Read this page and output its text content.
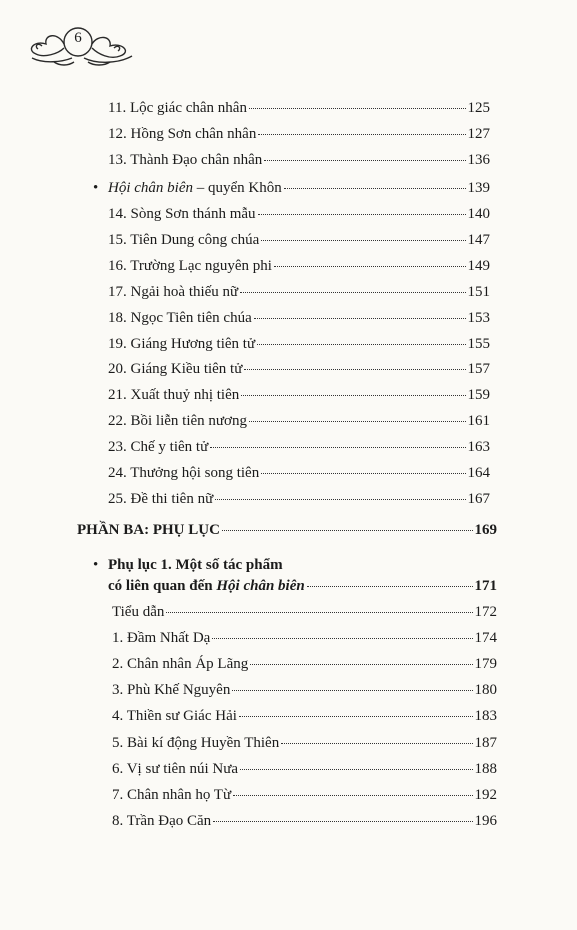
6
11. Lộc giác chân nhân	125
12. Hồng Sơn chân nhân	127
13. Thành Đạo chân nhân	136
• Hội chân biên – quyển Khôn	139
14. Sòng Sơn thánh mẫu	140
15. Tiên Dung công chúa	147
16. Trường Lạc nguyên phi	149
17. Ngải hoà thiếu nữ	151
18. Ngọc Tiên tiên chúa	153
19. Giáng Hương tiên tử	155
20. Giáng Kiều tiên tử	157
21. Xuất thuỷ nhị tiên	159
22. Bồi liễn tiên nương	161
23. Chế y tiên tử	163
24. Thưởng hội song tiên	164
25. Đề thi tiên nữ	167
PHẦN BA: PHỤ LỤC	169
• Phụ lục 1. Một số tác phẩm
có liên quan đến Hội chân biên	171
Tiểu dẫn	172
1. Đầm Nhất Dạ	174
2. Chân nhân Áp Lãng	179
3. Phù Khế Nguyên	180
4. Thiền sư Giác Hải	183
5. Bài kí động Huyền Thiên	187
6. Vị sư tiên núi Nưa	188
7. Chân nhân họ Từ	192
8. Trần Đạo Căn	196
